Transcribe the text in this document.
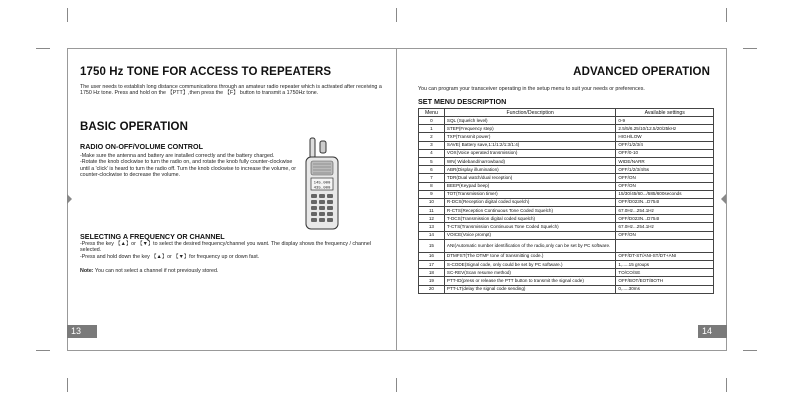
1750 Hz TONE FOR ACCESS TO REPEATERS

The user needs to establish long distance communications through an amateur radio repeater which is activated after receiving a 1750 Hz tone. Press and hold on the 【PTT】,then press the 【F】 button to transmit a 1750Hz tone.

BASIC OPERATION
RADIO ON-OFF/VOLUME CONTROL

-Make sure the antenna and battery are installed correctly and the battery charged.

-Rotate the knob clockwise to turn the radio on, and rotate the knob fully counter-clockwise until a 'click' is heard to turn the radio off. Turn the knob clockwise to increase the volume, or counter-clockwise to decrease the volume.

145.000
435.000
SELECTING A FREQUENCY OR CHANNEL

-Press the key 【▲】or 【▼】to select the desired frequency/channel you want. The display shows the frequency / channel selected.

-Press and hold down the key 【▲】or 【▼】for frequency up or down fast.

Note: You can not select a channel if not previously stored.

13
ADVANCED OPERATION

You can program your transceiver operating in the setup menu to suit your needs or preferences.

SET MENU DESCRIPTION
Menu	Function/Description	Available settings
0	SQL (Squelch level)	0-9
1	STEP(Frequency step)	2.5/5/6.25/10/12.5/20/25kHz
2	TXP(Transmit power)	HIGH/LOW
3	SAVE( Battery save,1:1/1:2/1:3/1:4)	OFF/1/2/3/4
4	VOX(Voice operated transmission)	OFF/0-10
5	WN( Wideband/narrowband)	WIDE/NARR
6	ABR(Display illumination)	OFF/1/2/3/4/5s
7	TDR(Dual watch/dual reception)	OFF/ON
8	BEEP(Keypad beep)	OFF/ON
9	TOT(Transmission timer)	15/30/45/60.../585/600seconds
10	R-DCS(Reception digital coded squelch)	OFF/D023N...D754I
11	R-CTS(Reception Continuous Tone Coded Squelch)	67.0Hz...254.1Hz
12	T-DCS(Transmission digital coded squelch)	OFF/D023N...D754I
13	T-CTS(Transmission Continuous Tone Coded Squelch)	67.0Hz...254.1Hz
14	VOICE(Voice prompt)	OFF/ON
15	ANI(Automatic number identification of the radio,only can be set by PC software.	
16	DTMFST(The DTMF tone of transmitting code.)	OFF/DT-ST/ANI-ST/DT+ANI
17	S-CODE(Signal code, only could be set by PC software.)	1,.....15 groups
18	SC-REV(Scan resume method)	TO/CO/SE
19	PTT-ID(press or release the PTT button to transmit the signal code)	OFF/BOT/EOT/BOTH
20	PTT-LT(delay the signal code sending)	0,.....30ms
14
